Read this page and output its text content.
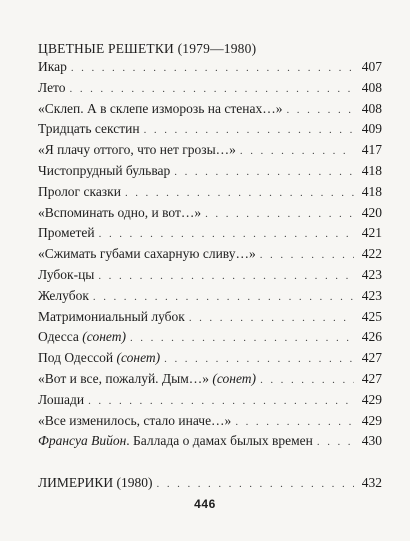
ЦВЕТНЫЕ РЕШЕТКИ (1979—1980)
Икар . . .	407
Лето . . .	408
«Склеп. А в склепе изморозь на стенах…» . . .	408
Тридцать секстин . . .	409
«Я плачу оттого, что нет грозы…» . . .	417
Чистопрудный бульвар . . .	418
Пролог сказки . . .	418
«Вспоминать одно, и вот…» . . .	420
Прометей . . .	421
«Сжимать губами сахарную сливу…» . . .	422
Лубок-цы . . .	423
Желубок . . .	423
Матримониальный лубок . . .	425
Одесса (сонет) . . .	426
Под Одессой (сонет) . . .	427
«Вот и все, пожалуй. Дым…» (сонет) . . .	427
Лошади . . .	429
«Все изменилось, стало иначе…» . . .	429
Франсуа Вийон. Баллада о дамах былых времен . . .	430
ЛИМЕРИКИ (1980) . . .	432
446
